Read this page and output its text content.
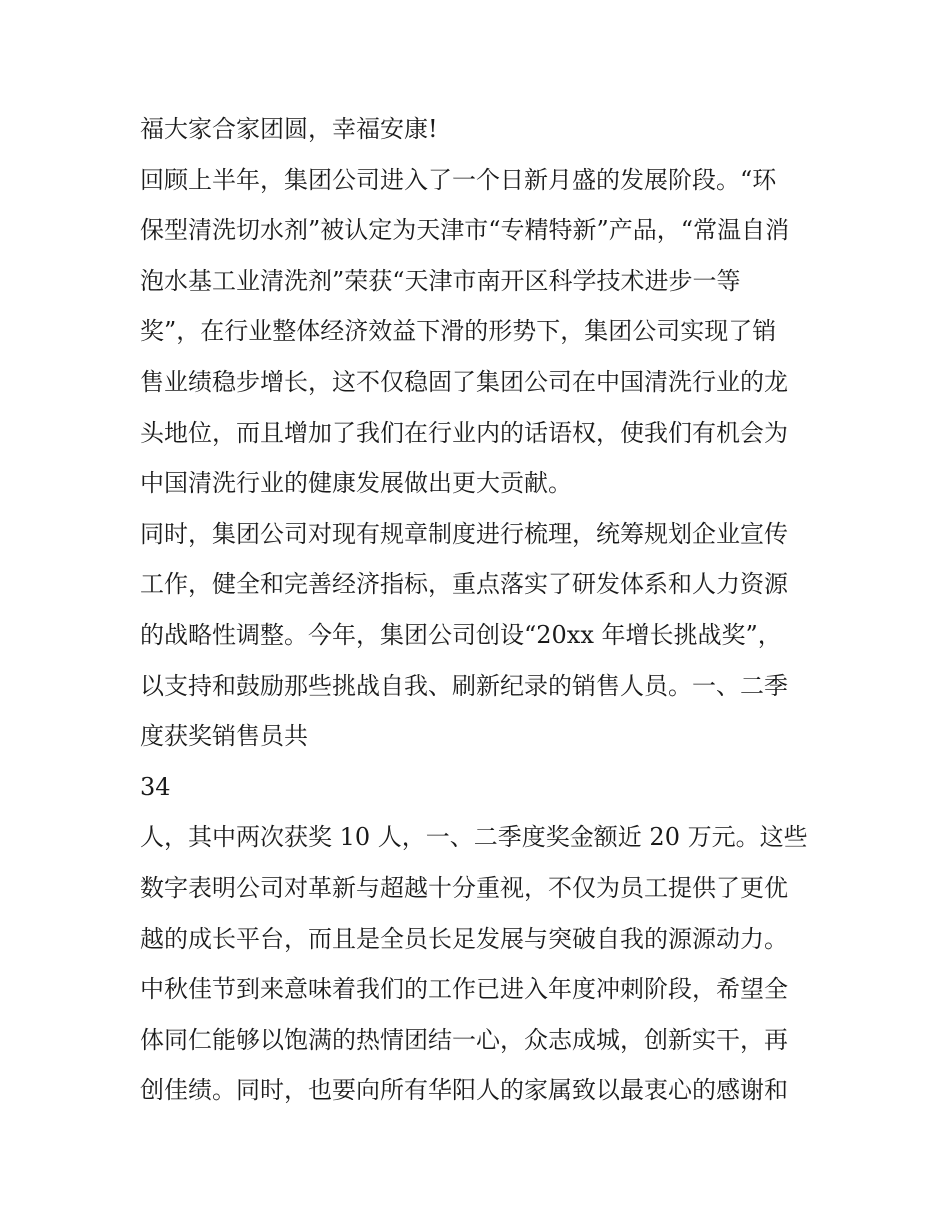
福大家合家团圆，幸福安康!
回顾上半年，集团公司进入了一个日新月盛的发展阶段。“环
保型清洗切水剂”被认定为天津市“专精特新”产品，“常温自消
泡水基工业清洗剂”荣获“天津市南开区科学技术进步一等
奖”，在行业整体经济效益下滑的形势下，集团公司实现了销
售业绩稳步增长，这不仅稳固了集团公司在中国清洗行业的龙
头地位，而且增加了我们在行业内的话语权，使我们有机会为
中国清洗行业的健康发展做出更大贡献。
同时，集团公司对现有规章制度进行梳理，统筹规划企业宣传
工作，健全和完善经济指标，重点落实了研发体系和人力资源
的战略性调整。今年，集团公司创设“20xx 年增长挑战奖”，
以支持和鼓励那些挑战自我、刷新纪录的销售人员。一、二季
度获奖销售员共
34
人，其中两次获奖 10 人，一、二季度奖金额近 20 万元。这些
数字表明公司对革新与超越十分重视，不仅为员工提供了更优
越的成长平台，而且是全员长足发展与突破自我的源源动力。
中秋佳节到来意味着我们的工作已进入年度冲刺阶段，希望全
体同仁能够以饱满的热情团结一心，众志成城，创新实干，再
创佳绩。同时，也要向所有华阳人的家属致以最衷心的感谢和
